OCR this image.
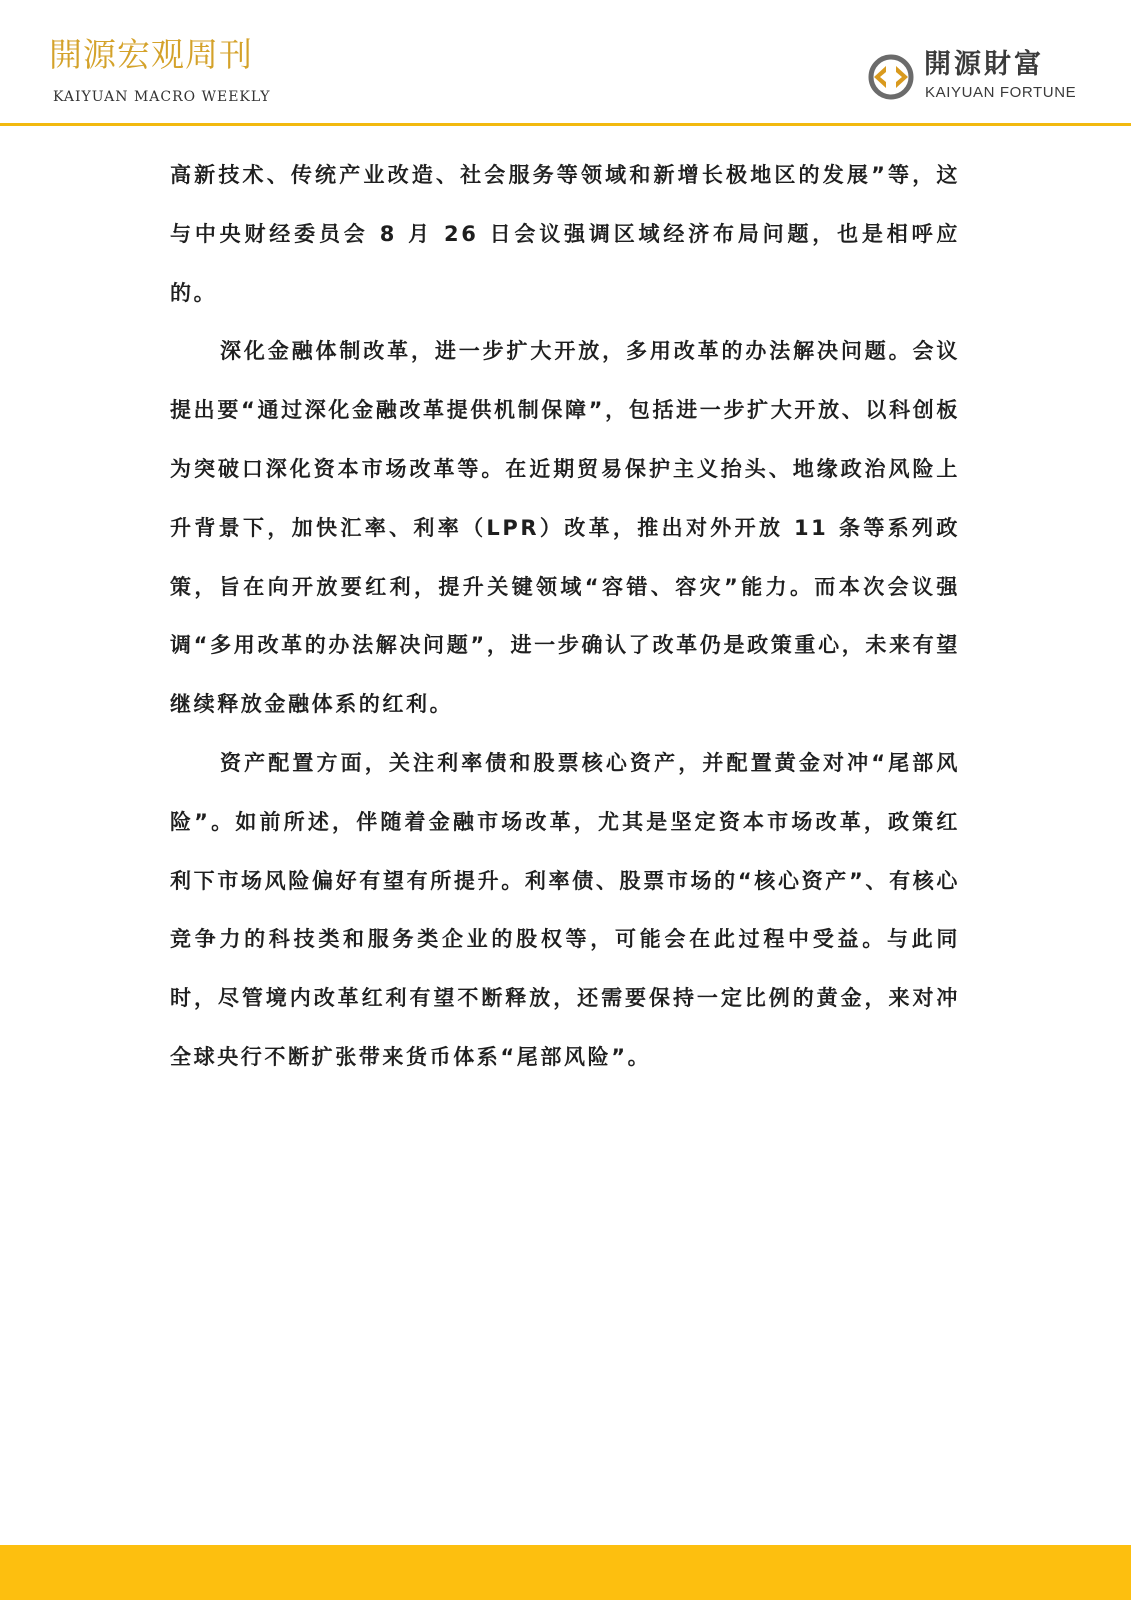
開源宏观周刊
KAIYUAN MACRO WEEKLY
開源財富
KAIYUAN FORTUNE

高新技术、传统产业改造、社会服务等领域和新增长极地区的发展”等，这与中央财经委员会 8 月 26 日会议强调区域经济布局问题，也是相呼应的。

深化金融体制改革，进一步扩大开放，多用改革的办法解决问题。会议提出要“通过深化金融改革提供机制保障”，包括进一步扩大开放、以科创板为突破口深化资本市场改革等。在近期贸易保护主义抬头、地缘政治风险上升背景下，加快汇率、利率（LPR）改革，推出对外开放 11 条等系列政策，旨在向开放要红利，提升关键领域“容错、容灾”能力。而本次会议强调“多用改革的办法解决问题”，进一步确认了改革仍是政策重心，未来有望继续释放金融体系的红利。

资产配置方面，关注利率债和股票核心资产，并配置黄金对冲“尾部风险”。如前所述，伴随着金融市场改革，尤其是坚定资本市场改革，政策红利下市场风险偏好有望有所提升。利率债、股票市场的“核心资产”、有核心竞争力的科技类和服务类企业的股权等，可能会在此过程中受益。与此同时，尽管境内改革红利有望不断释放，还需要保持一定比例的黄金，来对冲全球央行不断扩张带来货币体系“尾部风险”。
